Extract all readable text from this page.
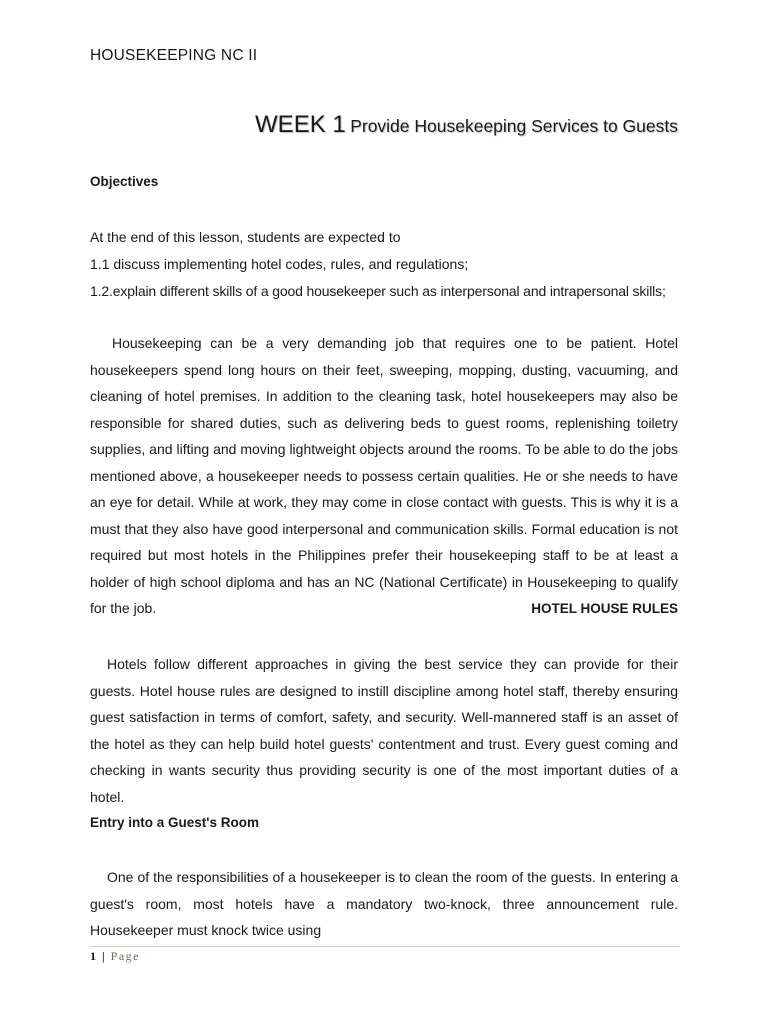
HOUSEKEEPING NC II
WEEK 1 Provide Housekeeping Services to Guests
Objectives
At the end of this lesson, students are expected to
1.1 discuss implementing hotel codes, rules, and regulations;
1.2.explain different skills of a good housekeeper such as interpersonal and intrapersonal skills;
Housekeeping can be a very demanding job that requires one to be patient. Hotel housekeepers spend long hours on their feet, sweeping, mopping, dusting, vacuuming, and cleaning of hotel premises. In addition to the cleaning task, hotel housekeepers may also be responsible for shared duties, such as delivering beds to guest rooms, replenishing toiletry supplies, and lifting and moving lightweight objects around the rooms. To be able to do the jobs mentioned above, a housekeeper needs to possess certain qualities. He or she needs to have an eye for detail. While at work, they may come in close contact with guests. This is why it is a must that they also have good interpersonal and communication skills. Formal education is not required but most hotels in the Philippines prefer their housekeeping staff to be at least a holder of high school diploma and has an NC (National Certificate) in Housekeeping to qualify for the job.	HOTEL HOUSE RULES
Hotels follow different approaches in giving the best service they can provide for their guests. Hotel house rules are designed to instill discipline among hotel staff, thereby ensuring guest satisfaction in terms of comfort, safety, and security. Well-mannered staff is an asset of the hotel as they can help build hotel guests' contentment and trust. Every guest coming and checking in wants security thus providing security is one of the most important duties of a hotel.
Entry into a Guest's Room
One of the responsibilities of a housekeeper is to clean the room of the guests. In entering a guest's room, most hotels have a mandatory two-knock, three announcement rule. Housekeeper must knock twice using
1 | Page
